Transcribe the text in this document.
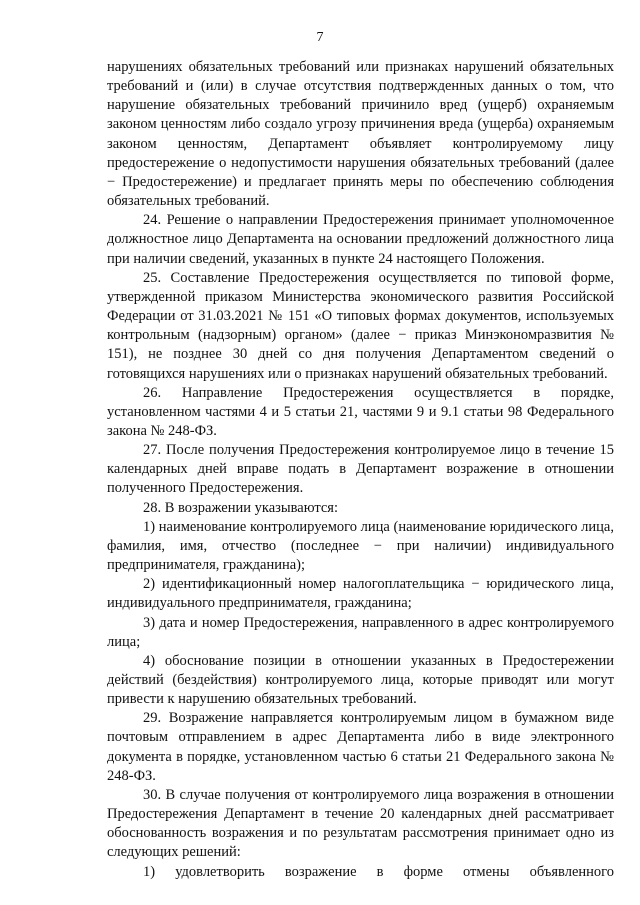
7

нарушениях обязательных требований или признаках нарушений обязательных требований и (или) в случае отсутствия подтвержденных данных о том, что нарушение обязательных требований причинило вред (ущерб) охраняемым законом ценностям либо создало угрозу причинения вреда (ущерба) охраняемым законом ценностям, Департамент объявляет контролируемому лицу предостережение о недопустимости нарушения обязательных требований (далее − Предостережение) и предлагает принять меры по обеспечению соблюдения обязательных требований.

24. Решение о направлении Предостережения принимает уполномоченное должностное лицо Департамента на основании предложений должностного лица при наличии сведений, указанных в пункте 24 настоящего Положения.

25. Составление Предостережения осуществляется по типовой форме, утвержденной приказом Министерства экономического развития Российской Федерации от 31.03.2021 № 151 «О типовых формах документов, используемых контрольным (надзорным) органом» (далее − приказ Минэкономразвития № 151), не позднее 30 дней со дня получения Департаментом сведений о готовящихся нарушениях или о признаках нарушений обязательных требований.

26. Направление Предостережения осуществляется в порядке, установленном частями 4 и 5 статьи 21, частями 9 и 9.1 статьи 98 Федерального закона № 248-ФЗ.

27. После получения Предостережения контролируемое лицо в течение 15 календарных дней вправе подать в Департамент возражение в отношении полученного Предостережения.

28. В возражении указываются:

1) наименование контролируемого лица (наименование юридического лица, фамилия, имя, отчество (последнее − при наличии) индивидуального предпринимателя, гражданина);

2) идентификационный номер налогоплательщика − юридического лица, индивидуального предпринимателя, гражданина;

3) дата и номер Предостережения, направленного в адрес контролируемого лица;

4) обоснование позиции в отношении указанных в Предостережении действий (бездействия) контролируемого лица, которые приводят или могут привести к нарушению обязательных требований.

29. Возражение направляется контролируемым лицом в бумажном виде почтовым отправлением в адрес Департамента либо в виде электронного документа в порядке, установленном частью 6 статьи 21 Федерального закона № 248-ФЗ.

30. В случае получения от контролируемого лица возражения в отношении Предостережения Департамент в течение 20 календарных дней рассматривает обоснованность возражения и по результатам рассмотрения принимает одно из следующих решений:

1) удовлетворить возражение в форме отмены объявленного
